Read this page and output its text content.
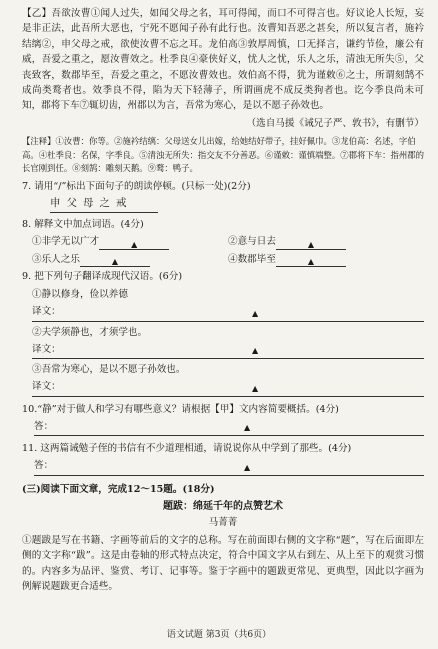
【乙】吾欲汝曹①闻人过失，如闻父母之名，耳可得闻，而口不可得言也。好议论人长短，妄是非正法，此吾所大恶也，宁死不愿闻子孙有此行也。汝曹知吾恶之甚矣，所以复言者，施衿结缡②，申父母之戒，欲使汝曹不忘之耳。龙伯高③敦厚周慎，口无择言，谦约节俭，廉公有威，吾爱之重之，愿汝曹效之。杜季良④豪侠好义，忧人之忧，乐人之乐，清浊无所失⑤，父丧致客，数郡毕至，吾爱之重之，不愿汝曹效也。效伯高不得，犹为谨敕⑥之士，所谓刻鹄不成尚类鹜者也。效季良不得，陷为天下轻薄子，所谓画虎不成反类狗者也。讫今季良尚未可知，郡将下车⑦辄切齿，州郡以为言，吾常为寒心，是以不愿子孙效也。

（选自马援《诫兄子严、敦书》，有删节）

【注释】①汝曹：你等。②施衿结缡：父母送女儿出嫁，给她结好带子，挂好佩巾。③龙伯高：名述，字伯高。④杜季良：名保，字季良。⑤清浊无所失：指交友不分善恶。⑥谨敕：谨慎端整。⑦郡将下车：指州郡的长官刚到任。⑧刻鹄：雕刻天鹅。⑨鹜：鸭子。

7. 请用“/”标出下面句子的朗读停顿。(只标一处)(2分)

申父母之戒

8. 解释文中加点词语。(4分)

①非学无以广才	▲	②意与日去	▲
③乐人之乐	▲	④数郡毕至	▲

9. 把下列句子翻译成现代汉语。(6分)

①静以修身，俭以养德

译文：	▲

②夫学须静也，才须学也。

译文：	▲

③吾常为寒心，是以不愿子孙效也。

译文：	▲

10.“静”对于做人和学习有哪些意义？请根据【甲】文内容简要概括。(4分)

答：	▲

11. 这两篇诫勉子侄的书信有不少道理相通，请说说你从中学到了那些。(4分)

答：	▲

(三)阅读下面文章，完成12～15题。(18分)

题跋：绵延千年的点赞艺术

马菁菁

①题跋是写在书籍、字画等前后的文字的总称。写在前面即右侧的文字称“题”，写在后面即左侧的文字称“跋”。这是由卷轴的形式特点决定，符合中国文字从右到左、从上至下的观赏习惯的。内容多为品评、鉴赏、考订、记事等。鉴于字画中的题跋更常见、更典型，因此以字画为例解说题跋更合适些。

语文试题 第3页（共6页）
